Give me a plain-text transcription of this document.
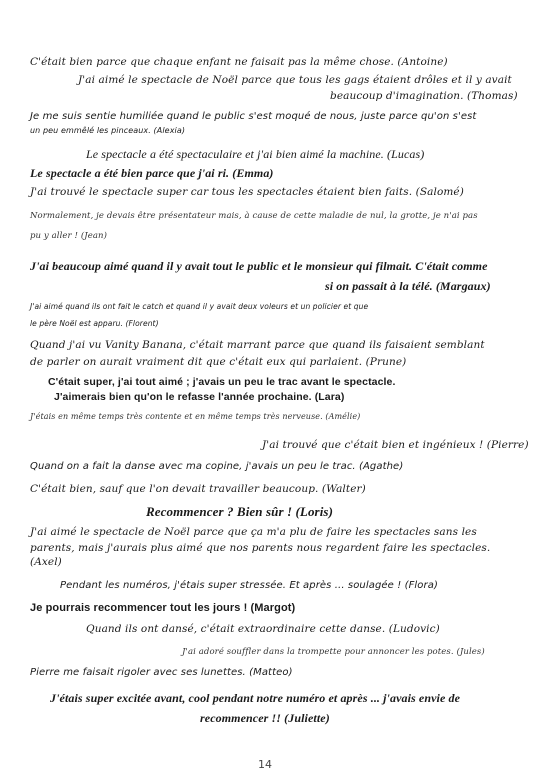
C'était bien parce que chaque enfant ne faisait pas la même chose. (Antoine)
J'ai aimé le spectacle de Noël parce que tous les gags étaient drôles et il y avait
beaucoup d'imagination. (Thomas)
Je me suis sentie humiliée quand le public s'est moqué de nous, juste parce qu'on s'est
un peu emmêlé les pinceaux. (Alexia)
Le spectacle a été spectaculaire et j'ai bien aimé la machine. (Lucas)
Le spectacle a été bien parce que j'ai ri. (Emma)
J'ai trouvé le spectacle super car tous les spectacles étaient bien faits. (Salomé)
Normalement, je devais être présentateur mais, à cause de cette maladie de nul, la grotte, je n'ai pas
pu y aller ! (Jean)
J'ai beaucoup aimé quand il y avait tout le public et le monsieur qui filmait. C'était comme
si on passait à la télé. (Margaux)
J'ai aimé quand ils ont fait le catch et quand il y avait deux voleurs et un policier et que
le père Noël est apparu. (Florent)
Quand j'ai vu Vanity Banana, c'était marrant parce que quand ils faisaient semblant
de parler on aurait vraiment dit que c'était eux qui parlaient. (Prune)
C'était super, j'ai tout aimé ; j'avais un peu le trac avant le spectacle.
J'aimerais bien qu'on le refasse l'année prochaine. (Lara)
J'étais en même temps très contente et en même temps très nerveuse. (Amélie)
J'ai trouvé que c'était bien et ingénieux ! (Pierre)
Quand on a fait la danse avec ma copine, j'avais un peu le trac. (Agathe)
C'était bien, sauf que l'on devait travailler beaucoup. (Walter)
Recommencer ? Bien sûr ! (Loris)
J'ai aimé le spectacle de Noël parce que ça m'a plu de faire les spectacles sans les
parents, mais j'aurais plus aimé que nos parents nous regardent faire les spectacles.
(Axel)
Pendant les numéros, j'étais super stressée. Et après ... soulagée ! (Flora)
Je pourrais recommencer tout les jours ! (Margot)
Quand ils ont dansé, c'était extraordinaire cette danse. (Ludovic)
J'ai adoré souffler dans la trompette pour annoncer les potes. (Jules)
Pierre me faisait rigoler avec ses lunettes. (Matteo)
J'étais super excitée avant, cool pendant notre numéro et après ... j'avais envie de
recommencer !! (Juliette)
14
